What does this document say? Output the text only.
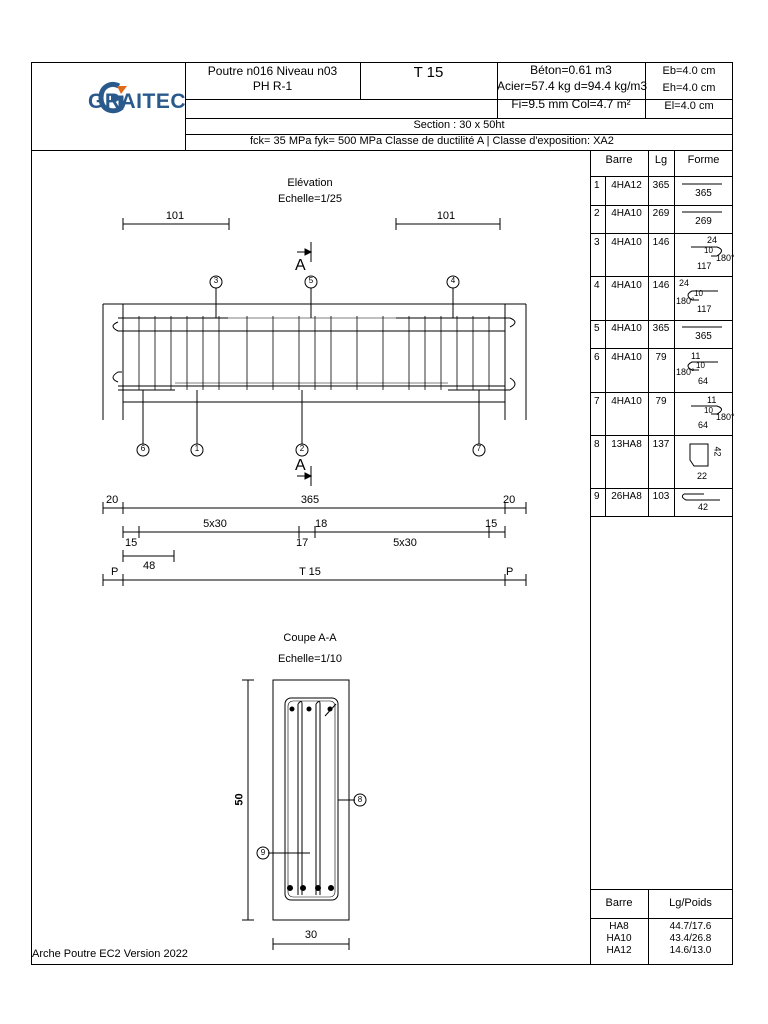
GRAITEC
Poutre n016 Niveau n03
PH R-1
T 15	Béton=0.61 m3
Acier=57.4 kg d=94.4 kg/m3
Fi=9.5 mm Col=4.7 m²
Eb=4.0 cm
Eh=4.0 cm
El=4.0 cm
Section : 30 x 50ht
fck= 35 MPa fyk= 500 MPa Classe de ductilité A | Classe d'exposition: XA2
Barre	Lg	Forme
1	4HA12	365
365
2	4HA10	269
269
3	4HA10	146	24
10
180°
117
4	4HA10	146	24
180°
10
117
5	4HA10	365
365
6	4HA10	79	11
180°
10
64
7	4HA10	79	11
10
180°
64
8	13HA8	137
42
22
9	26HA8	103
42
Barre	Lg/Poids
HA8	44.7/17.6
HA10	43.4/26.8
HA12	14.6/13.0
Arche Poutre EC2 Version 2022
Elévation
Echelle=1/25
101	101
A
A
3	5	4
6	1	2	7
20	365	20
5x30	18	15
15	17	5x30
48
P	T 15	P
Coupe A-A
Echelle=1/10
50
30
8
9
